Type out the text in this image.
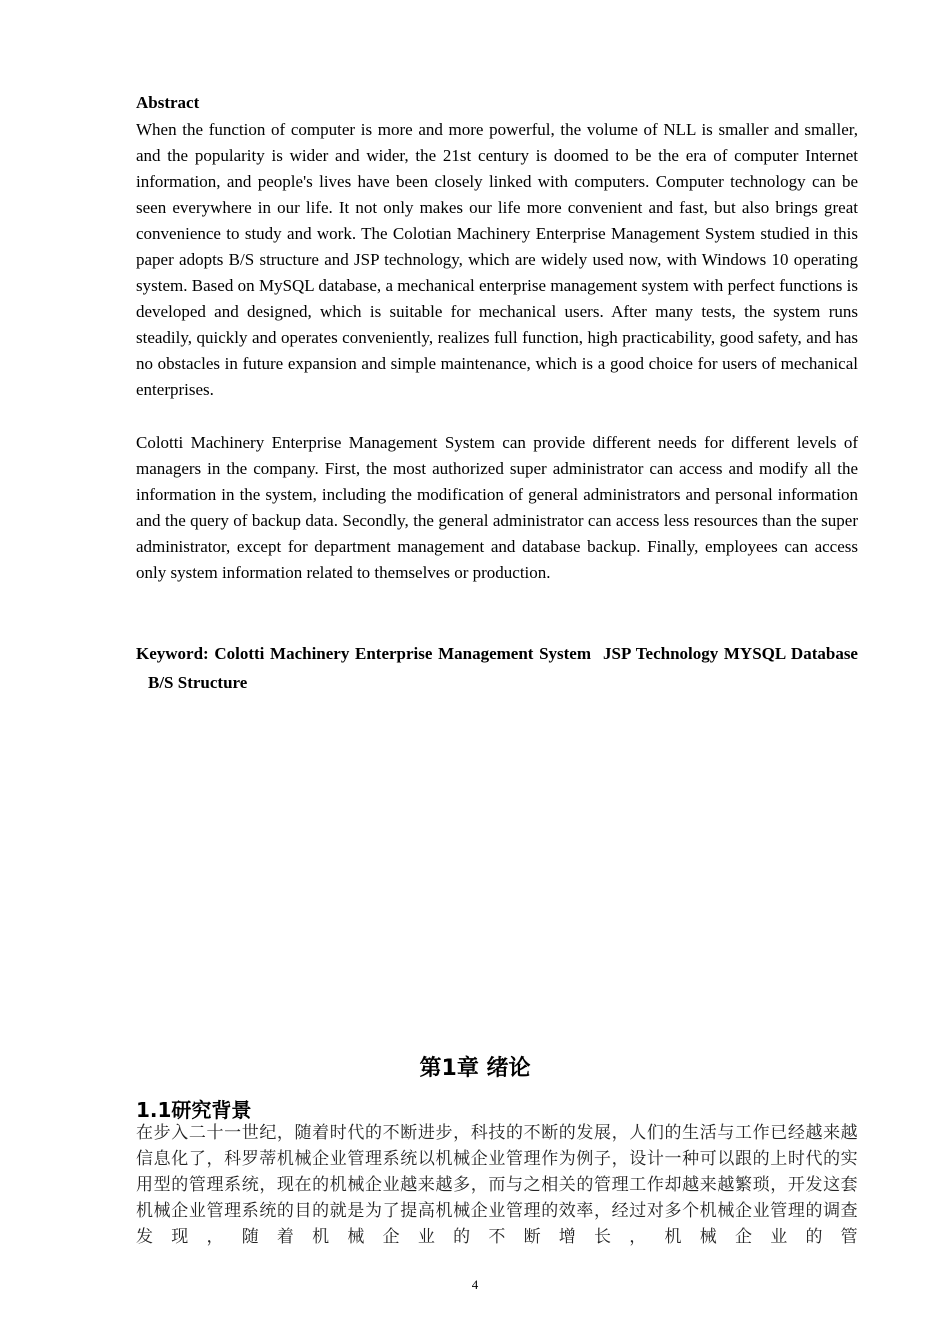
Abstract

When the function of computer is more and more powerful, the volume of NLL is smaller and smaller, and the popularity is wider and wider, the 21st century is doomed to be the era of computer Internet information, and people's lives have been closely linked with computers. Computer technology can be seen everywhere in our life. It not only makes our life more convenient and fast, but also brings great convenience to study and work. The Colotian Machinery Enterprise Management System studied in this paper adopts B/S structure and JSP technology, which are widely used now, with Windows 10 operating system. Based on MySQL database, a mechanical enterprise management system with perfect functions is developed and designed, which is suitable for mechanical users. After many tests, the system runs steadily, quickly and operates conveniently, realizes full function, high practicability, good safety, and has no obstacles in future expansion and simple maintenance, which is a good choice for users of mechanical enterprises.

Colotti Machinery Enterprise Management System can provide different needs for different levels of managers in the company. First, the most authorized super administrator can access and modify all the information in the system, including the modification of general administrators and personal information and the query of backup data. Secondly, the general administrator can access less resources than the super administrator, except for department management and database backup. Finally, employees can access only system information related to themselves or production.

Keyword: Colotti Machinery Enterprise Management System JSP Technology MYSQL DatabaseB/S Structure

第1章 绪论
1.1研究背景

在步入二十一世纪，随着时代的不断进步，科技的不断的发展，人们的生活与工作已经越来越信息化了，科罗蒂机械企业管理系统以机械企业管理作为例子，设计一种可以跟的上时代的实用型的管理系统，现在的机械企业越来越多，而与之相关的管理工作却越来越繁琐，开发这套机械企业管理系统的目的就是为了提高机械企业管理的效率，经过对多个机械企业管理的调查发现，随着机械企业的不断增长，机械企业的管

4
